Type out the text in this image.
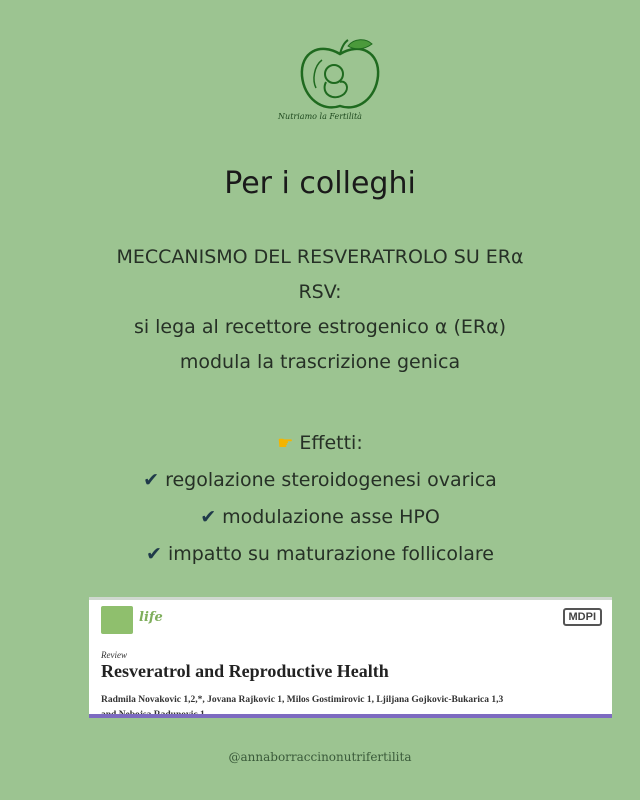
Nutriamo la Fertilità
Per i colleghi
MECCANISMO DEL RESVERATROLO SU ERα
RSV:
si lega al recettore estrogenico α (ERα)
modula la trascrizione genica
☛ Effetti:
✔ regolazione steroidogenesi ovarica
✔ modulazione asse HPO
✔ impatto su maturazione follicolare
life	MDPI
Review
Resveratrol and Reproductive Health
Radmila Novakovic 1,2,*, Jovana Rajkovic 1, Milos Gostimirovic 1, Ljiljana Gojkovic-Bukarica 1,3
@annaborraccinonutrifertilita
